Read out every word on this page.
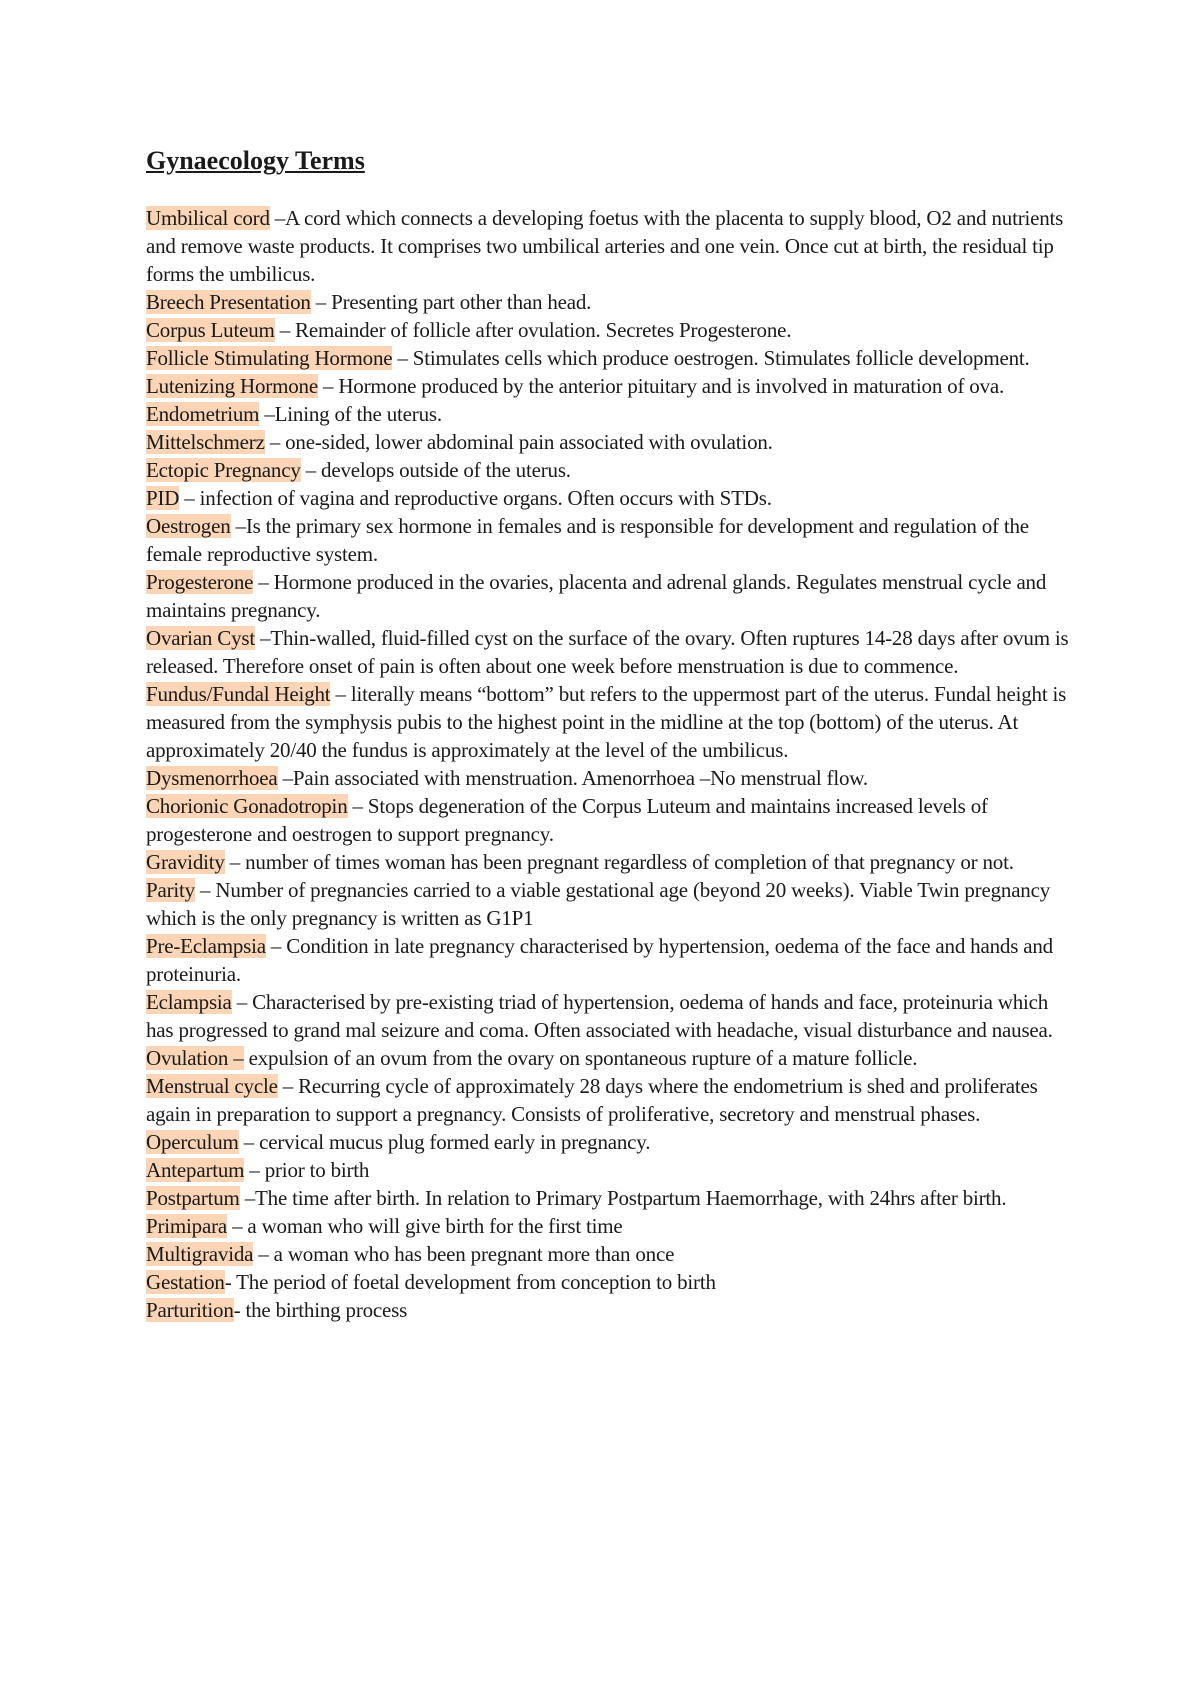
Gynaecology Terms
Umbilical cord –A cord which connects a developing foetus with the placenta to supply blood, O2 and nutrients and remove waste products. It comprises two umbilical arteries and one vein. Once cut at birth, the residual tip forms the umbilicus.
Breech Presentation – Presenting part other than head.
Corpus Luteum – Remainder of follicle after ovulation. Secretes Progesterone.
Follicle Stimulating Hormone – Stimulates cells which produce oestrogen. Stimulates follicle development.
Lutenizing Hormone – Hormone produced by the anterior pituitary and is involved in maturation of ova.
Endometrium –Lining of the uterus.
Mittelschmerz – one-sided, lower abdominal pain associated with ovulation.
Ectopic Pregnancy – develops outside of the uterus.
PID – infection of vagina and reproductive organs. Often occurs with STDs.
Oestrogen –Is the primary sex hormone in females and is responsible for development and regulation of the female reproductive system.
Progesterone – Hormone produced in the ovaries, placenta and adrenal glands. Regulates menstrual cycle and maintains pregnancy.
Ovarian Cyst –Thin-walled, fluid-filled cyst on the surface of the ovary. Often ruptures 14-28 days after ovum is released. Therefore onset of pain is often about one week before menstruation is due to commence.
Fundus/Fundal Height – literally means “bottom” but refers to the uppermost part of the uterus. Fundal height is measured from the symphysis pubis to the highest point in the midline at the top (bottom) of the uterus. At approximately 20/40 the fundus is approximately at the level of the umbilicus.
Dysmenorrhoea –Pain associated with menstruation. Amenorrhoea –No menstrual flow.
Chorionic Gonadotropin – Stops degeneration of the Corpus Luteum and maintains increased levels of progesterone and oestrogen to support pregnancy.
Gravidity – number of times woman has been pregnant regardless of completion of that pregnancy or not.
Parity – Number of pregnancies carried to a viable gestational age (beyond 20 weeks). Viable Twin pregnancy which is the only pregnancy is written as G1P1
Pre-Eclampsia – Condition in late pregnancy characterised by hypertension, oedema of the face and hands and proteinuria.
Eclampsia – Characterised by pre-existing triad of hypertension, oedema of hands and face, proteinuria which has progressed to grand mal seizure and coma. Often associated with headache, visual disturbance and nausea.
Ovulation – expulsion of an ovum from the ovary on spontaneous rupture of a mature follicle.
Menstrual cycle – Recurring cycle of approximately 28 days where the endometrium is shed and proliferates again in preparation to support a pregnancy. Consists of proliferative, secretory and menstrual phases.
Operculum – cervical mucus plug formed early in pregnancy.
Antepartum – prior to birth
Postpartum –The time after birth. In relation to Primary Postpartum Haemorrhage, with 24hrs after birth.
Primipara – a woman who will give birth for the first time
Multigravida – a woman who has been pregnant more than once
Gestation- The period of foetal development from conception to birth
Parturition- the birthing process
